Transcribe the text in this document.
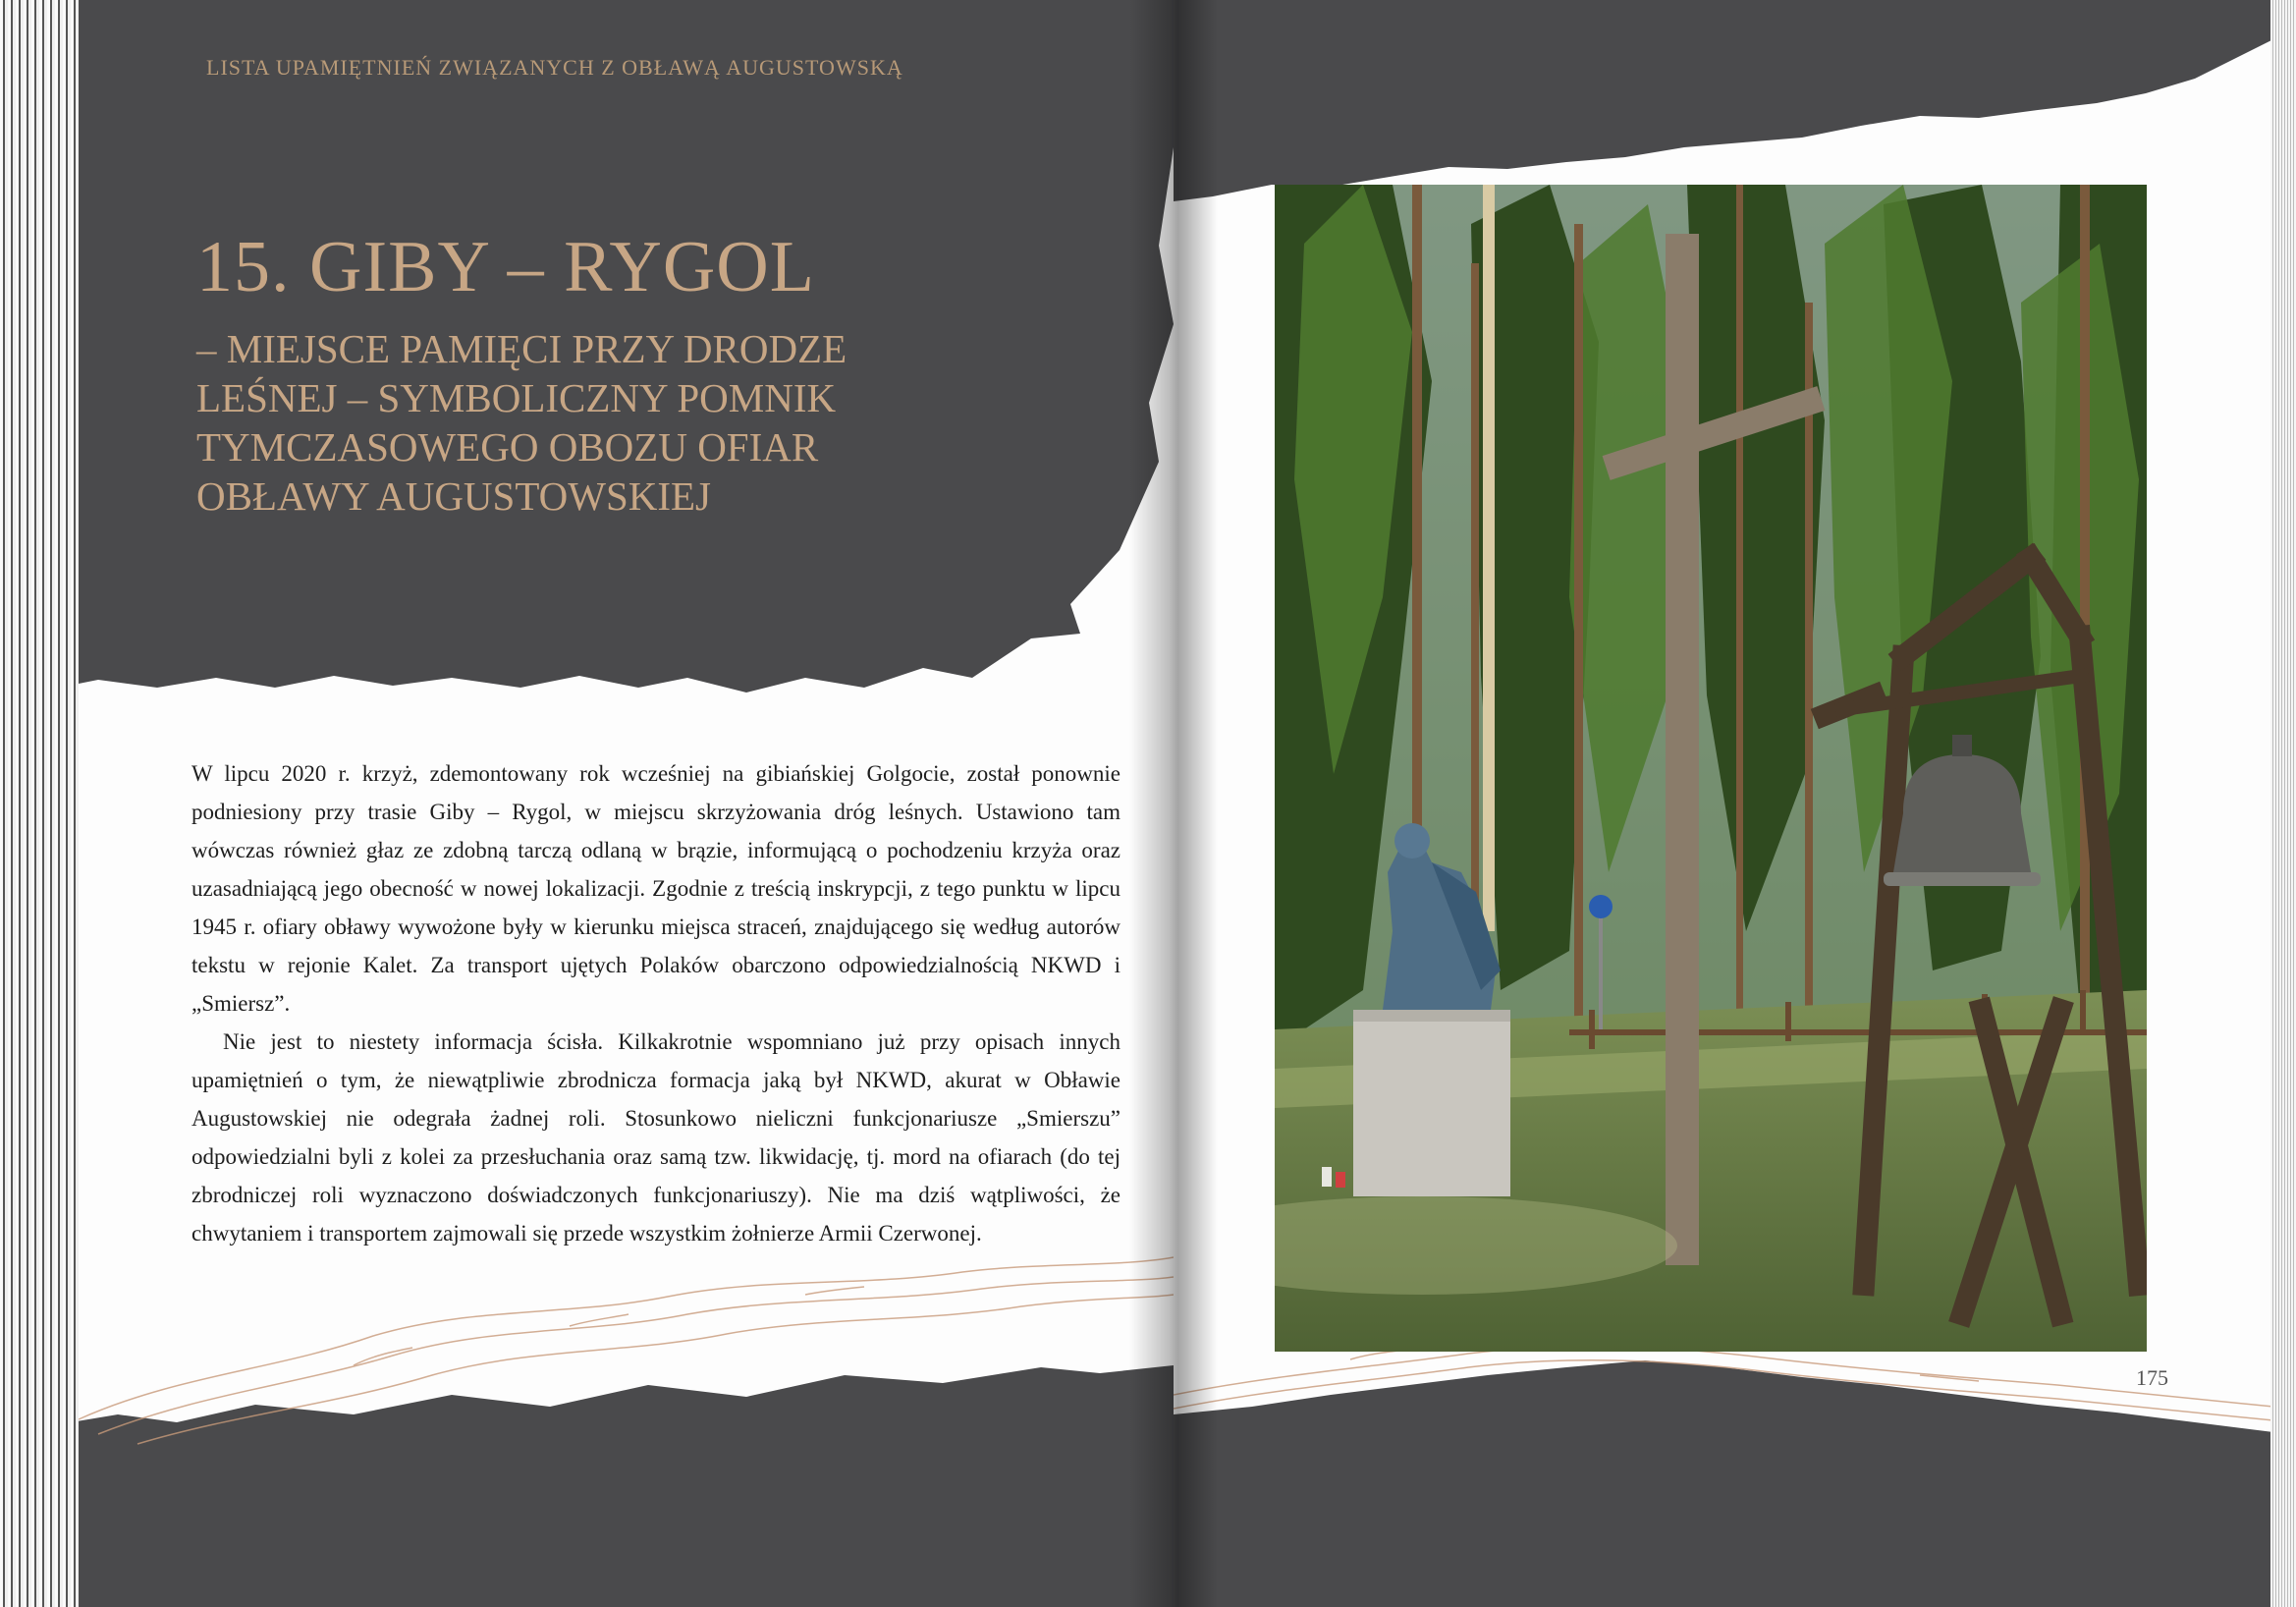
LISTA UPAMIĘTNIEŃ ZWIĄZANYCH Z OBŁAWĄ AUGUSTOWSKĄ
15. GIBY – RYGOL
– MIEJSCE PAMIĘCI PRZY DRODZE
LEŚNEJ – SYMBOLICZNY POMNIK
TYMCZASOWEGO OBOZU OFIAR
OBŁAWY AUGUSTOWSKIEJ

W lipcu 2020 r. krzyż, zdemontowany rok wcześniej na gibiańskiej Golgocie, został ponownie podniesiony przy trasie Giby – Rygol, w miejscu skrzyżowania dróg leśnych. Ustawiono tam wówczas również głaz ze zdobną tarczą odlaną w brązie, informującą o pochodzeniu krzyża oraz uzasadniającą jego obecność w nowej lokalizacji. Zgodnie z treścią inskrypcji, z tego punktu w lipcu 1945 r. ofiary obławy wywożone były w kierunku miejsca straceń, znajdującego się według autorów tekstu w rejonie Kalet. Za transport ujętych Polaków obarczono odpowiedzialnością NKWD i „Smiersz”.

Nie jest to niestety informacja ścisła. Kilkakrotnie wspomniano już przy opisach innych upamiętnień o tym, że niewątpliwie zbrodnicza formacja jaką był NKWD, akurat w Obławie Augustowskiej nie odegrała żadnej roli. Stosunkowo nieliczni funkcjonariusze „Smierszu” odpowiedzialni byli z kolei za przesłuchania oraz samą tzw. likwidację, tj. mord na ofiarach (do tej zbrodniczej roli wyznaczono doświadczonych funkcjonariuszy). Nie ma dziś wątpliwości, że chwytaniem i transportem zajmowali się przede wszystkim żołnierze Armii Czerwonej.

175
